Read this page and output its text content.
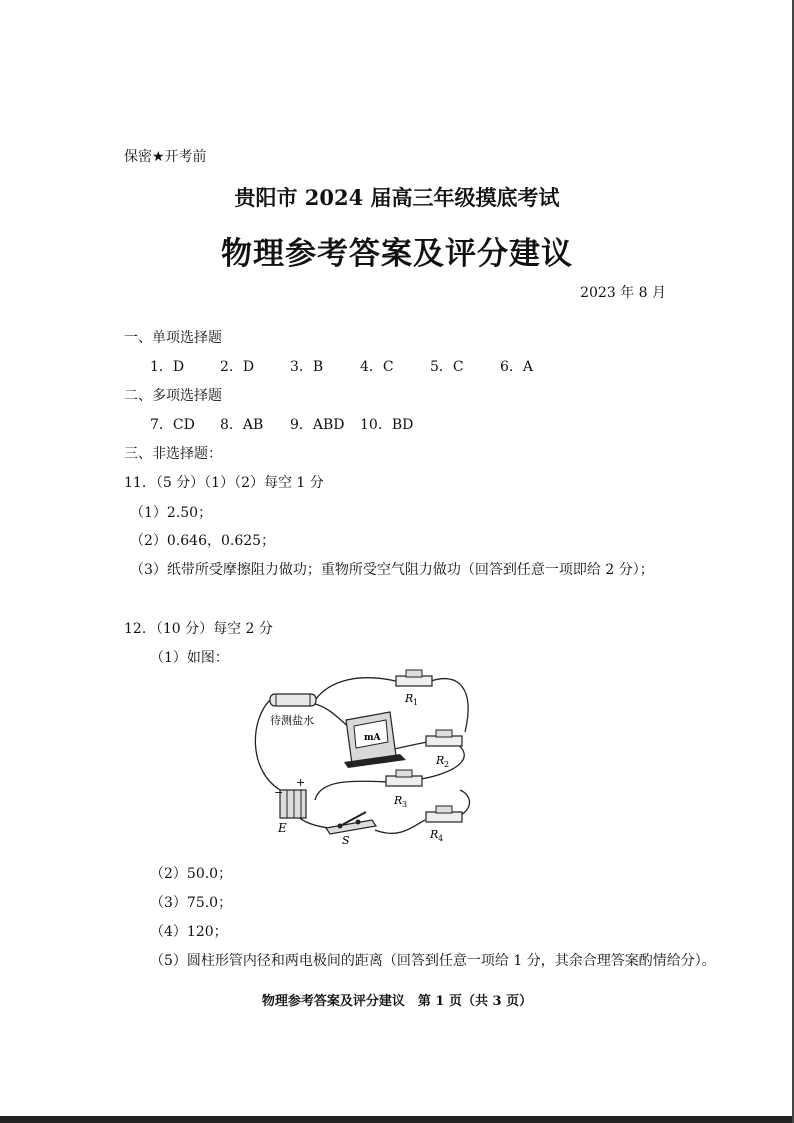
保密★开考前
贵阳市 2024 届高三年级摸底考试
物理参考答案及评分建议
2023 年 8 月
一、单项选择题
1．D	2．D	3．B	4．C	5．C	6．A
二、多项选择题
7．CD 8．AB 9．ABD 10．BD
三、非选择题：
11．（5 分）（1）（2）每空 1 分
（1）2.50；
（2）0.646，0.625；
（3）纸带所受摩擦阻力做功；重物所受空气阻力做功（回答到任意一项即给 2 分）；
12．（10 分）每空 2 分
（1）如图：
待测盐水
mA
R 1
R 2
R 3
R 4
+
−
E
S
（2）50.0；
（3）75.0；
（4）120；
（5）圆柱形管内径和两电极间的距离（回答到任意一项给 1 分，其余合理答案酌情给分）。
物理参考答案及评分建议　第 1 页（共 3 页）
